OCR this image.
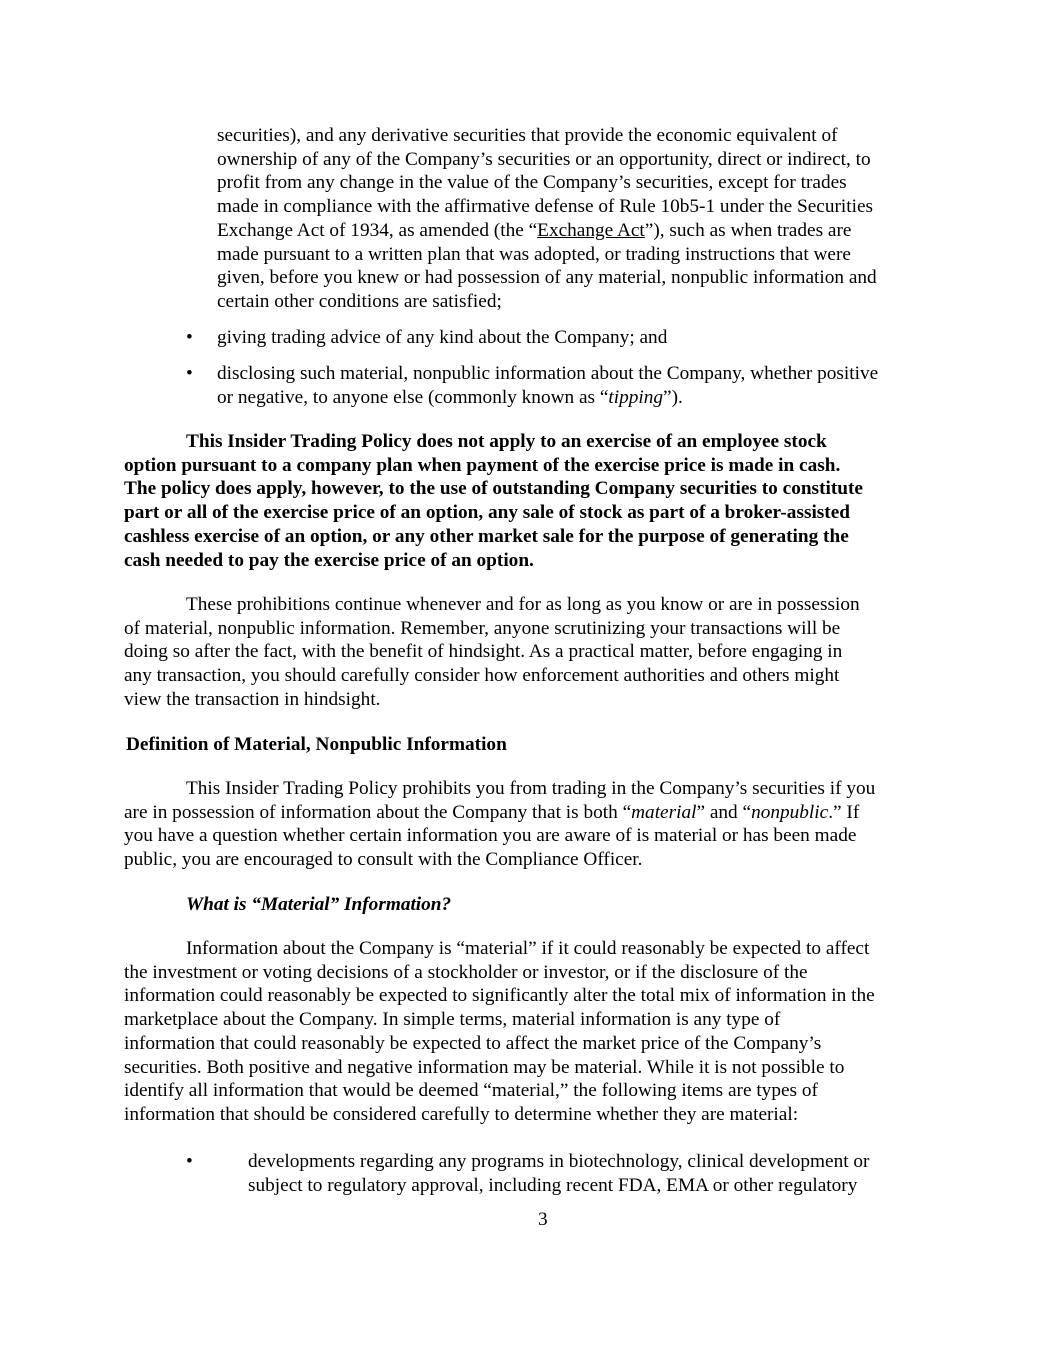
securities), and any derivative securities that provide the economic equivalent of
ownership of any of the Company’s securities or an opportunity, direct or indirect, to
profit from any change in the value of the Company’s securities, except for trades
made in compliance with the affirmative defense of Rule 10b5-1 under the Securities
Exchange Act of 1934, as amended (the “Exchange Act”), such as when trades are
made pursuant to a written plan that was adopted, or trading instructions that were
given, before you knew or had possession of any material, nonpublic information and
certain other conditions are satisfied;
• giving trading advice of any kind about the Company; and
• disclosing such material, nonpublic information about the Company, whether positive
or negative, to anyone else (commonly known as “tipping”).
This Insider Trading Policy does not apply to an exercise of an employee stock
option pursuant to a company plan when payment of the exercise price is made in cash.
The policy does apply, however, to the use of outstanding Company securities to constitute
part or all of the exercise price of an option, any sale of stock as part of a broker-assisted
cashless exercise of an option, or any other market sale for the purpose of generating the
cash needed to pay the exercise price of an option.
These prohibitions continue whenever and for as long as you know or are in possession
of material, nonpublic information. Remember, anyone scrutinizing your transactions will be
doing so after the fact, with the benefit of hindsight. As a practical matter, before engaging in
any transaction, you should carefully consider how enforcement authorities and others might
view the transaction in hindsight.
Definition of Material, Nonpublic Information
This Insider Trading Policy prohibits you from trading in the Company’s securities if you
are in possession of information about the Company that is both “material” and “nonpublic.” If
you have a question whether certain information you are aware of is material or has been made
public, you are encouraged to consult with the Compliance Officer.
What is “Material” Information?
Information about the Company is “material” if it could reasonably be expected to affect
the investment or voting decisions of a stockholder or investor, or if the disclosure of the
information could reasonably be expected to significantly alter the total mix of information in the
marketplace about the Company. In simple terms, material information is any type of
information that could reasonably be expected to affect the market price of the Company’s
securities. Both positive and negative information may be material. While it is not possible to
identify all information that would be deemed “material,” the following items are types of
information that should be considered carefully to determine whether they are material:
•	developments regarding any programs in biotechnology, clinical development or
subject to regulatory approval, including recent FDA, EMA or other regulatory
3
